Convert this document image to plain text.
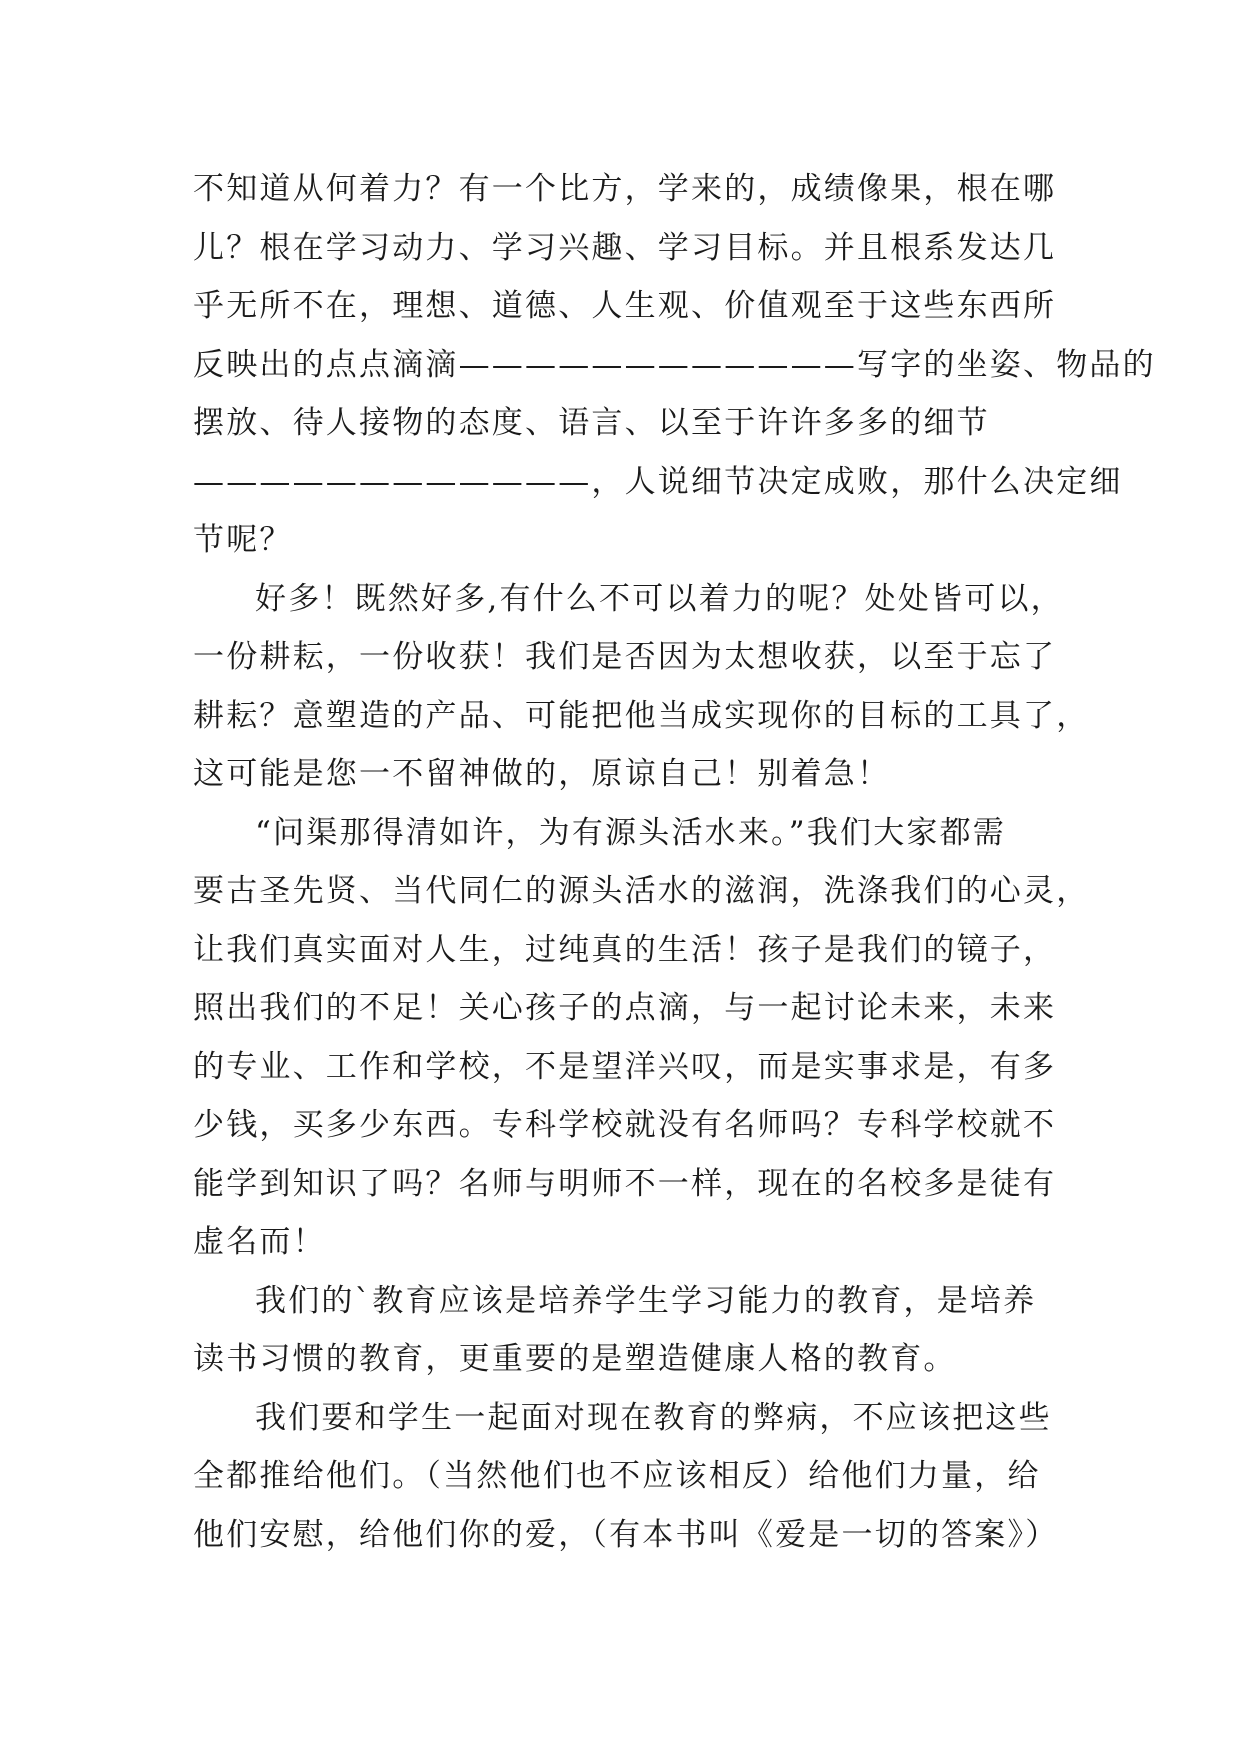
不知道从何着力？有一个比方，学来的，成绩像果，根在哪
儿？根在学习动力、学习兴趣、学习目标。并且根系发达几
乎无所不在，理想、道德、人生观、价值观至于这些东西所
反映出的点点滴滴————————————写字的坐姿、物品的
摆放、待人接物的态度、语言、以至于许许多多的细节
————————————，人说细节决定成败，那什么决定细
节呢？
好多！既然好多,有什么不可以着力的呢？处处皆可以，
一份耕耘，一份收获！我们是否因为太想收获，以至于忘了
耕耘？意塑造的产品、可能把他当成实现你的目标的工具了，
这可能是您一不留神做的，原谅自己！别着急！
“问渠那得清如许，为有源头活水来。”我们大家都需
要古圣先贤、当代同仁的源头活水的滋润，洗涤我们的心灵，
让我们真实面对人生，过纯真的生活！孩子是我们的镜子，
照出我们的不足！关心孩子的点滴，与一起讨论未来，未来
的专业、工作和学校，不是望洋兴叹，而是实事求是，有多
少钱，买多少东西。专科学校就没有名师吗？专科学校就不
能学到知识了吗？名师与明师不一样，现在的名校多是徒有
虚名而！
我们的`教育应该是培养学生学习能力的教育，是培养
读书习惯的教育，更重要的是塑造健康人格的教育。
我们要和学生一起面对现在教育的弊病，不应该把这些
全都推给他们。（当然他们也不应该相反）给他们力量，给
他们安慰，给他们你的爱，（有本书叫《爱是一切的答案》）
